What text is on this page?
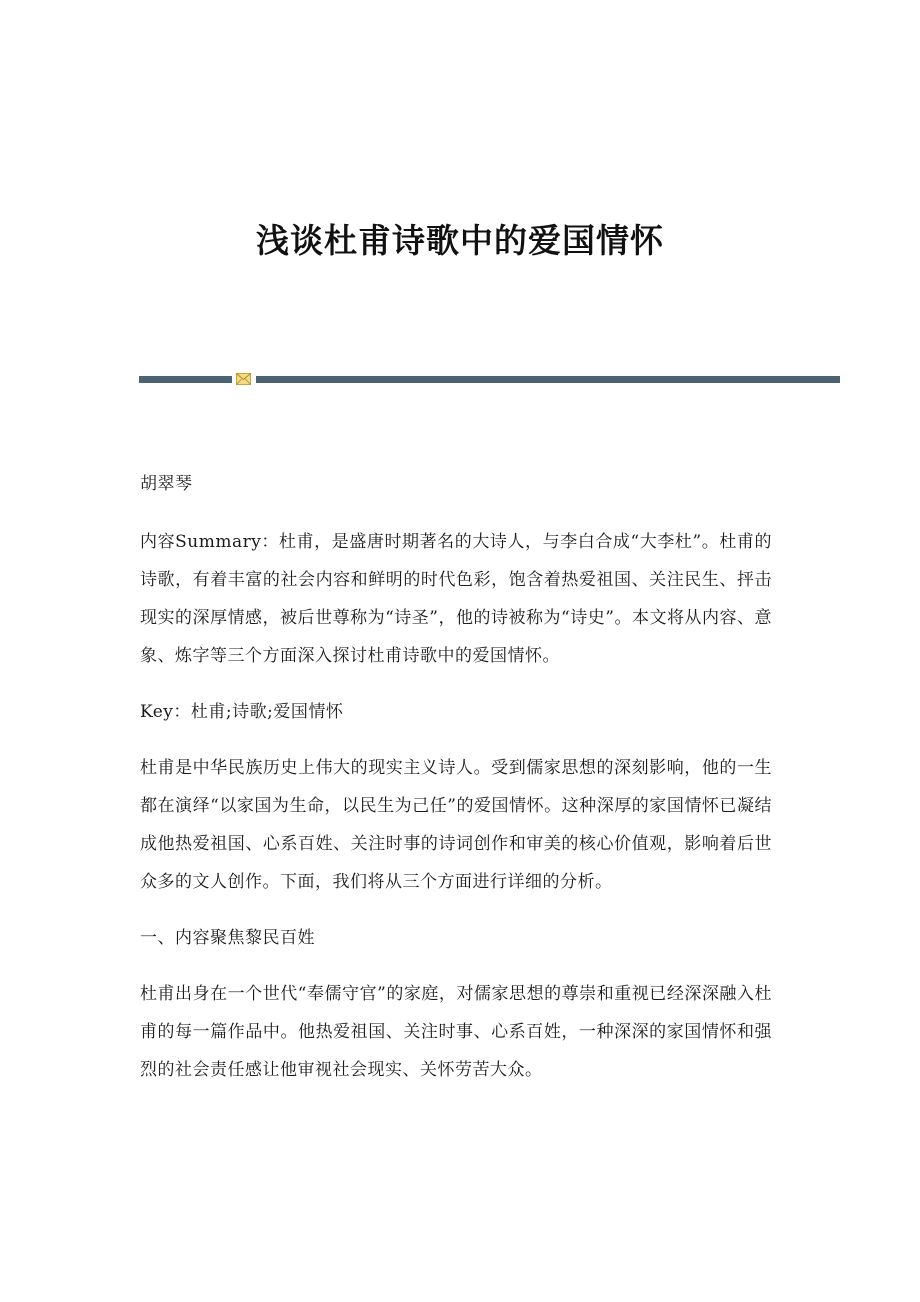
浅谈杜甫诗歌中的爱国情怀

胡翠琴

内容Summary：杜甫，是盛唐时期著名的大诗人，与李白合成“大李杜”。杜甫的诗歌，有着丰富的社会内容和鲜明的时代色彩，饱含着热爱祖国、关注民生、抨击现实的深厚情感，被后世尊称为“诗圣”，他的诗被称为“诗史”。本文将从内容、意象、炼字等三个方面深入探讨杜甫诗歌中的爱国情怀。

Key：杜甫;诗歌;爱国情怀

杜甫是中华民族历史上伟大的现实主义诗人。受到儒家思想的深刻影响，他的一生都在演绎“以家国为生命，以民生为己任”的爱国情怀。这种深厚的家国情怀已凝结成他热爱祖国、心系百姓、关注时事的诗词创作和审美的核心价值观，影响着后世众多的文人创作。下面，我们将从三个方面进行详细的分析。

一、内容聚焦黎民百姓

杜甫出身在一个世代“奉儒守官”的家庭，对儒家思想的尊崇和重视已经深深融入杜甫的每一篇作品中。他热爱祖国、关注时事、心系百姓，一种深深的家国情怀和强烈的社会责任感让他审视社会现实、关怀劳苦大众。
